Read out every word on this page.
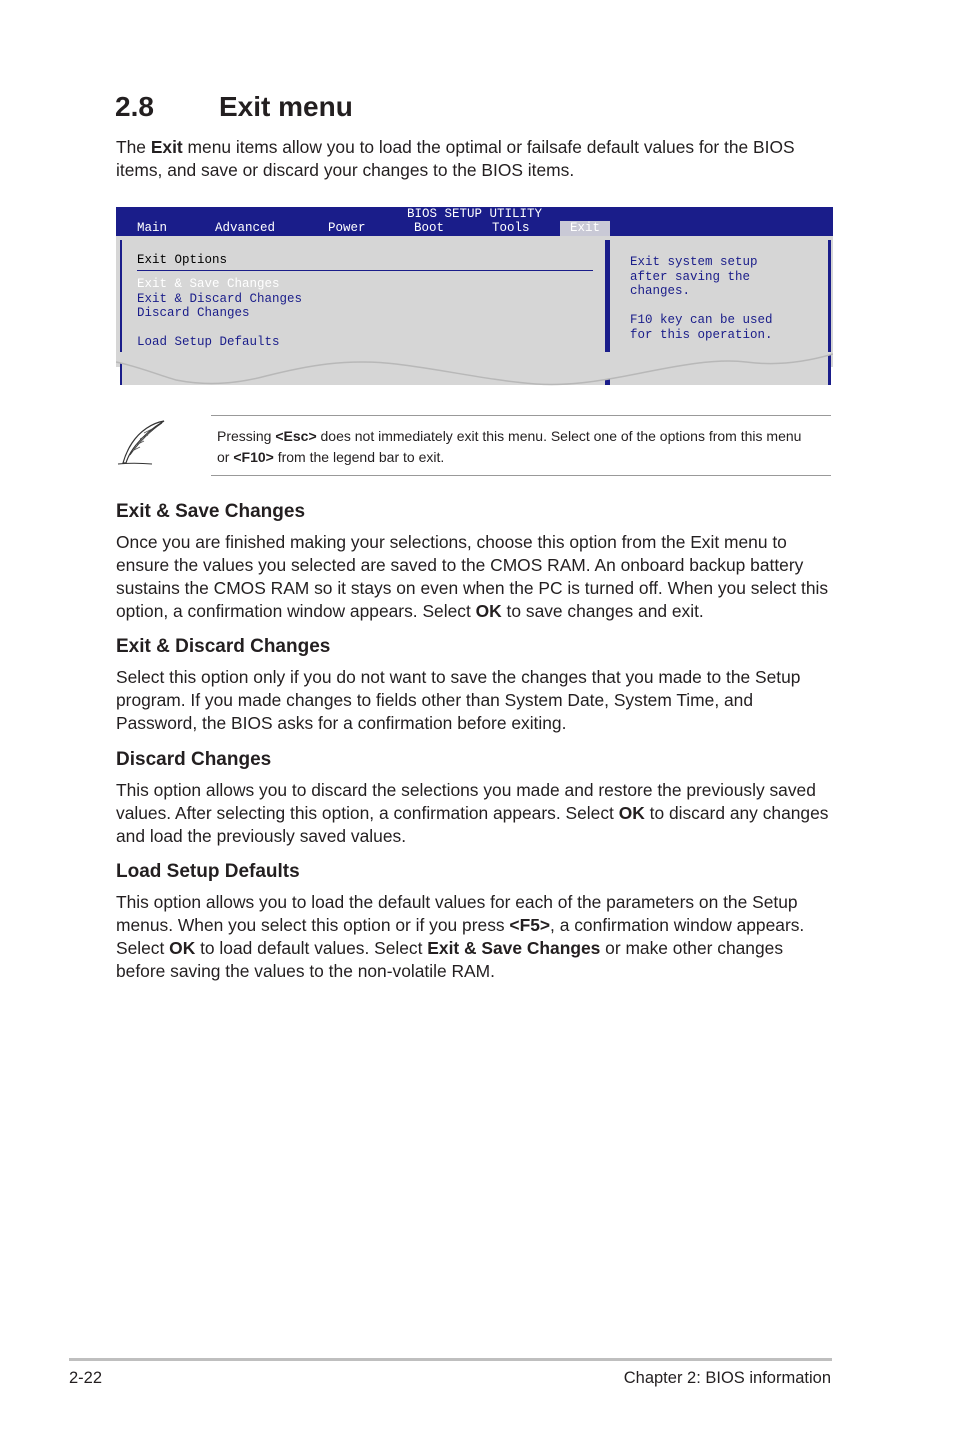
2.8 Exit menu

The Exit menu items allow you to load the optimal or failsafe default values for the BIOS items, and save or discard your changes to the BIOS items.

BIOS SETUP UTILITY
Main	Advanced	Power	Boot	Tools	Exit
Exit Options
Exit & Save Changes
Exit & Discard Changes
Discard Changes
Load Setup Defaults
Exit system setup
after saving the
changes.
F10 key can be used
for this operation.

Pressing <Esc> does not immediately exit this menu. Select one of the options from this menu or <F10> from the legend bar to exit.

Exit & Save Changes

Once you are finished making your selections, choose this option from the Exit menu to ensure the values you selected are saved to the CMOS RAM. An onboard backup battery sustains the CMOS RAM so it stays on even when the PC is turned off. When you select this option, a confirmation window appears. Select OK to save changes and exit.

Exit & Discard Changes

Select this option only if you do not want to save the changes that you made to the Setup program. If you made changes to fields other than System Date, System Time, and Password, the BIOS asks for a confirmation before exiting.

Discard Changes

This option allows you to discard the selections you made and restore the previously saved values. After selecting this option, a confirmation appears. Select OK to discard any changes and load the previously saved values.

Load Setup Defaults

This option allows you to load the default values for each of the parameters on the Setup menus. When you select this option or if you press <F5>, a confirmation window appears. Select OK to load default values. Select Exit & Save Changes or make other changes before saving the values to the non-volatile RAM.

2-22	Chapter 2: BIOS information
